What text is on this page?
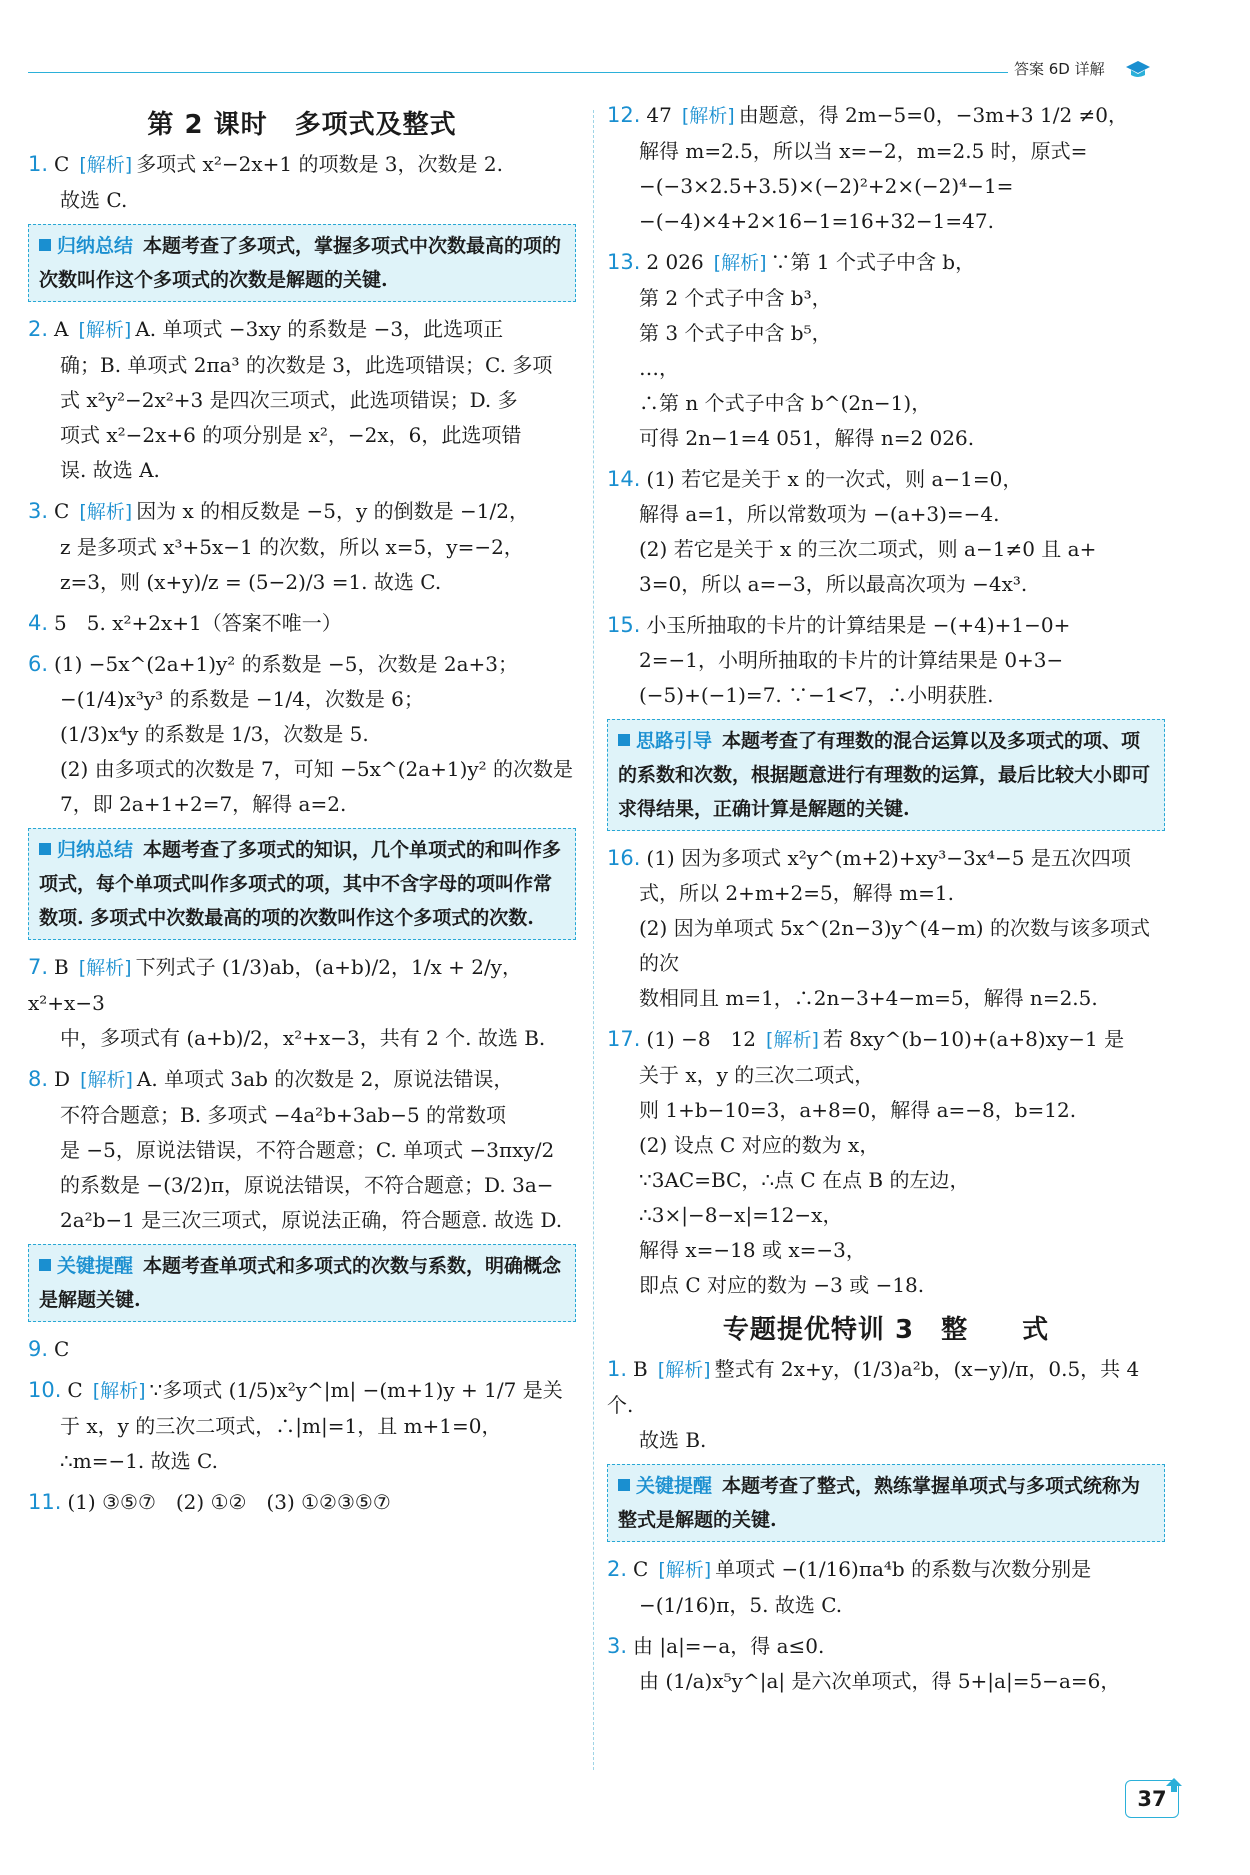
答案 6D 详解
第 2 课时　多项式及整式
1. C [解析] 多项式 x²−2x+1 的项数是 3，次数是 2.
故选 C.
归纳总结 本题考查了多项式，掌握多项式中次数最高的项的次数叫作这个多项式的次数是解题的关键.
2. A [解析] A. 单项式 −3xy 的系数是 −3，此选项正
确；B. 单项式 2πa³ 的次数是 3，此选项错误；C. 多项
式 x²y²−2x²+3 是四次三项式，此选项错误；D. 多
项式 x²−2x+6 的项分别是 x²，−2x，6，此选项错
误. 故选 A.
3. C [解析] 因为 x 的相反数是 −5，y 的倒数是 −1/2，
z 是多项式 x³+5x−1 的次数，所以 x=5，y=−2，
z=3，则 (x+y)/z = (5−2)/3 =1. 故选 C.
4. 5　5. x²+2x+1（答案不唯一）
6. (1) −5x^(2a+1)y² 的系数是 −5，次数是 2a+3；
−(1/4)x³y³ 的系数是 −1/4，次数是 6；
(1/3)x⁴y 的系数是 1/3，次数是 5.
(2) 由多项式的次数是 7，可知 −5x^(2a+1)y² 的次数是
7，即 2a+1+2=7，解得 a=2.
归纳总结 本题考查了多项式的知识，几个单项式的和叫作多项式，每个单项式叫作多项式的项，其中不含字母的项叫作常数项. 多项式中次数最高的项的次数叫作这个多项式的次数.
7. B [解析] 下列式子 (1/3)ab，(a+b)/2，1/x + 2/y，x²+x−3
中，多项式有 (a+b)/2，x²+x−3，共有 2 个. 故选 B.
8. D [解析] A. 单项式 3ab 的次数是 2，原说法错误，
不符合题意；B. 多项式 −4a²b+3ab−5 的常数项
是 −5，原说法错误，不符合题意；C. 单项式 −3πxy/2
的系数是 −(3/2)π，原说法错误，不符合题意；D. 3a−
2a²b−1 是三次三项式，原说法正确，符合题意. 故选 D.
关键提醒 本题考查单项式和多项式的次数与系数，明确概念是解题关键.
9. C
10. C [解析] ∵多项式 (1/5)x²y^|m| −(m+1)y + 1/7 是关
于 x，y 的三次二项式，∴|m|=1，且 m+1=0，
∴m=−1. 故选 C.
11. (1) ③⑤⑦　(2) ①②　(3) ①②③⑤⑦
12. 47 [解析] 由题意，得 2m−5=0，−3m+3 1/2 ≠0，
解得 m=2.5，所以当 x=−2，m=2.5 时，原式=
−(−3×2.5+3.5)×(−2)²+2×(−2)⁴−1=
−(−4)×4+2×16−1=16+32−1=47.
13. 2 026 [解析] ∵第 1 个式子中含 b，
第 2 个式子中含 b³，
第 3 个式子中含 b⁵，
…，
∴第 n 个式子中含 b^(2n−1)，
可得 2n−1=4 051，解得 n=2 026.
14. (1) 若它是关于 x 的一次式，则 a−1=0，
解得 a=1，所以常数项为 −(a+3)=−4.
(2) 若它是关于 x 的三次二项式，则 a−1≠0 且 a+
3=0，所以 a=−3，所以最高次项为 −4x³.
15. 小玉所抽取的卡片的计算结果是 −(+4)+1−0+
2=−1，小明所抽取的卡片的计算结果是 0+3−
(−5)+(−1)=7. ∵−1<7，∴小明获胜.
思路引导 本题考查了有理数的混合运算以及多项式的项、项的系数和次数，根据题意进行有理数的运算，最后比较大小即可求得结果，正确计算是解题的关键.
16. (1) 因为多项式 x²y^(m+2)+xy³−3x⁴−5 是五次四项
式，所以 2+m+2=5，解得 m=1.
(2) 因为单项式 5x^(2n−3)y^(4−m) 的次数与该多项式的次
数相同且 m=1，∴2n−3+4−m=5，解得 n=2.5.
17. (1) −8　12 [解析] 若 8xy^(b−10)+(a+8)xy−1 是
关于 x，y 的三次二项式，
则 1+b−10=3，a+8=0，解得 a=−8，b=12.
(2) 设点 C 对应的数为 x，
∵3AC=BC，∴点 C 在点 B 的左边，
∴3×|−8−x|=12−x，
解得 x=−18 或 x=−3，
即点 C 对应的数为 −3 或 −18.
专题提优特训 3　整　　式
1. B [解析] 整式有 2x+y，(1/3)a²b，(x−y)/π，0.5，共 4 个.
故选 B.
关键提醒 本题考查了整式，熟练掌握单项式与多项式统称为整式是解题的关键.
2. C [解析] 单项式 −(1/16)πa⁴b 的系数与次数分别是
−(1/16)π，5. 故选 C.
3. 由 |a|=−a，得 a≤0.
由 (1/a)x⁵y^|a| 是六次单项式，得 5+|a|=5−a=6，
37
